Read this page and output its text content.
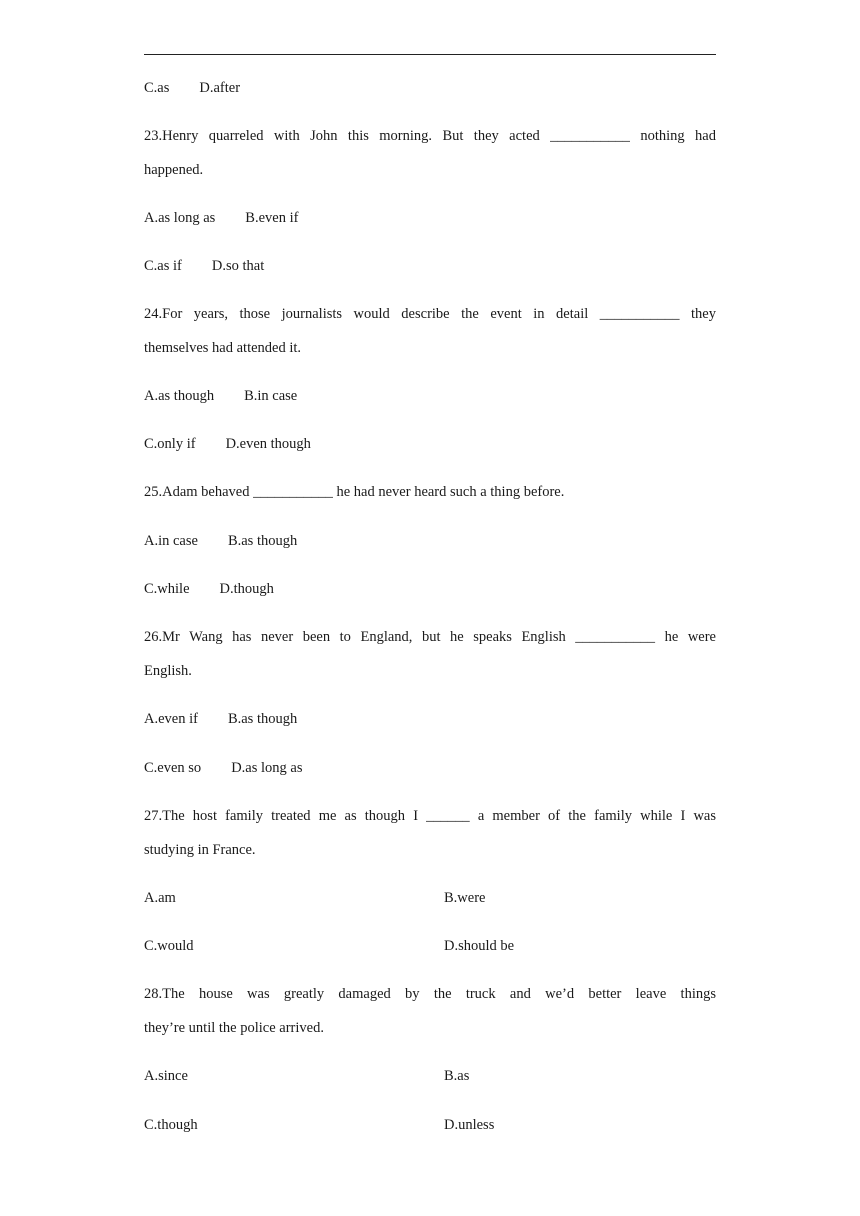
C.as D.after
23.Henry quarreled with John this morning. But they acted ___________ nothing had
happened.
A.as long as B.even if
C.as if D.so that
24.For years, those journalists would describe the event in detail ___________ they
themselves had attended it.
A.as though B.in case
C.only if D.even though
25.Adam behaved ___________ he had never heard such a thing before.
A.in case B.as though
C.while D.though
26.Mr Wang has never been to England, but he speaks English ___________ he were
English.
A.even if B.as though
C.even so D.as long as
27.The host family treated me as though I ______ a member of the family while I was
studying in France.
A.am	B.were
C.would	D.should be
28.The house was greatly damaged by the truck and we’d better leave things
they’re until the police arrived.
A.since	B.as
C.though	D.unless
